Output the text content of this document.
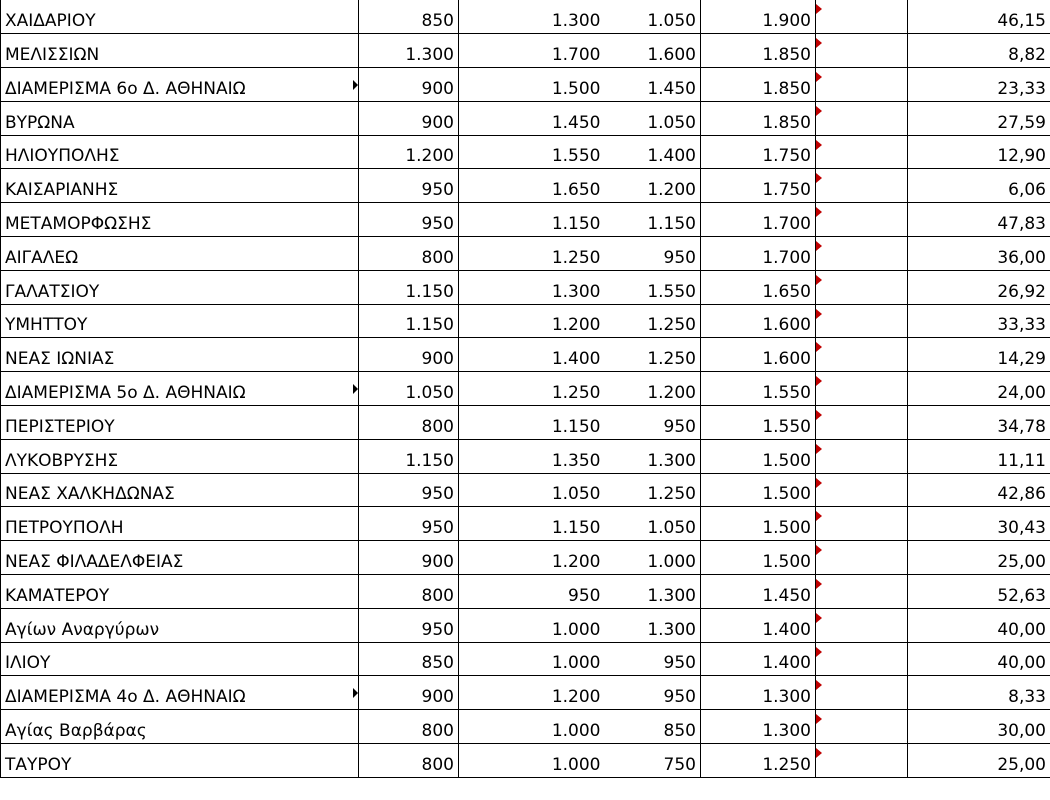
ΧΑΙΔΑΡΙΟΥ	850	1.300	1.050	1.900		46,15
ΜΕΛΙΣΣΙΩΝ	1.300	1.700	1.600	1.850		8,82
ΔΙΑΜΕΡΙΣΜΑ 6ο Δ. ΑΘΗΝΑΙΩ	900	1.500	1.450	1.850		23,33
ΒΥΡΩΝΑ	900	1.450	1.050	1.850		27,59
ΗΛΙΟΥΠΟΛΗΣ	1.200	1.550	1.400	1.750		12,90
ΚΑΙΣΑΡΙΑΝΗΣ	950	1.650	1.200	1.750		6,06
ΜΕΤΑΜΟΡΦΩΣΗΣ	950	1.150	1.150	1.700		47,83
ΑΙΓΑΛΕΩ	800	1.250	950	1.700		36,00
ΓΑΛΑΤΣΙΟΥ	1.150	1.300	1.550	1.650		26,92
ΥΜΗΤΤΟΥ	1.150	1.200	1.250	1.600		33,33
ΝΕΑΣ ΙΩΝΙΑΣ	900	1.400	1.250	1.600		14,29
ΔΙΑΜΕΡΙΣΜΑ 5ο Δ. ΑΘΗΝΑΙΩ	1.050	1.250	1.200	1.550		24,00
ΠΕΡΙΣΤΕΡΙΟΥ	800	1.150	950	1.550		34,78
ΛΥΚΟΒΡΥΣΗΣ	1.150	1.350	1.300	1.500		11,11
ΝΕΑΣ ΧΑΛΚΗΔΩΝΑΣ	950	1.050	1.250	1.500		42,86
ΠΕΤΡΟΥΠΟΛΗ	950	1.150	1.050	1.500		30,43
ΝΕΑΣ ΦΙΛΑΔΕΛΦΕΙΑΣ	900	1.200	1.000	1.500		25,00
ΚΑΜΑΤΕΡΟΥ	800	950	1.300	1.450		52,63
Αγίων Αναργύρων	950	1.000	1.300	1.400		40,00
ΙΛΙΟΥ	850	1.000	950	1.400		40,00
ΔΙΑΜΕΡΙΣΜΑ 4ο Δ. ΑΘΗΝΑΙΩ	900	1.200	950	1.300		8,33
Αγίας Βαρβάρας	800	1.000	850	1.300		30,00
ΤΑΥΡΟΥ	800	1.000	750	1.250		25,00
